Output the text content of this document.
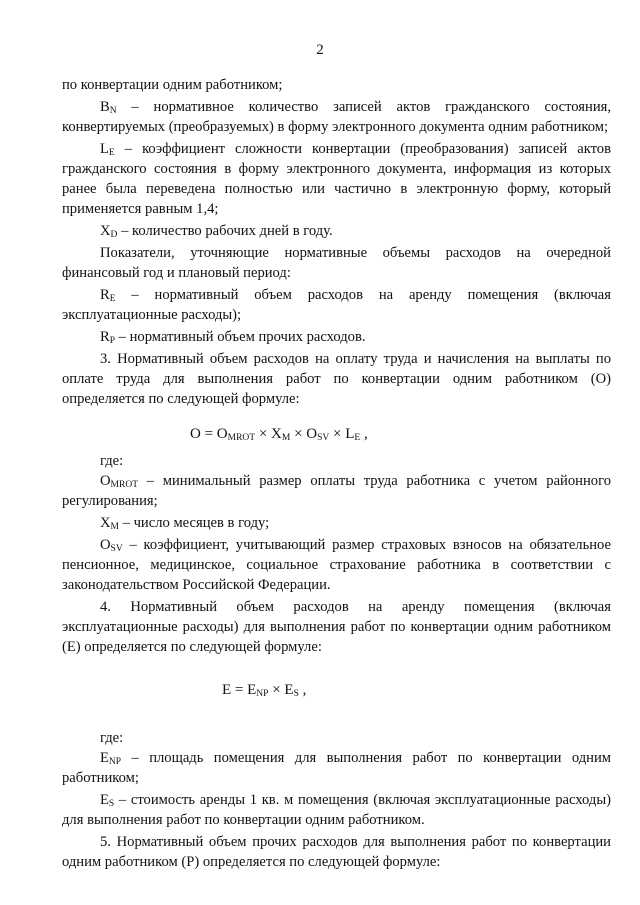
2

по конвертации одним работником;

$B_N$ – нормативное количество записей актов гражданского состояния, конвертируемых (преобразуемых) в форму электронного документа одним работником;

$L_E$ – коэффициент сложности конвертации (преобразования) записей актов гражданского состояния в форму электронного документа, информация из которых ранее была переведена полностью или частично в электронную форму, который применяется равным 1,4;

$X_D$ – количество рабочих дней в году.

Показатели, уточняющие нормативные объемы расходов на очередной финансовый год и плановый период:

$R_E$ – нормативный объем расходов на аренду помещения (включая эксплуатационные расходы);

$R_P$ – нормативный объем прочих расходов.

3. Нормативный объем расходов на оплату труда и начисления на выплаты по оплате труда для выполнения работ по конвертации одним работником (O) определяется по следующей формуле:

$O = O_{MROT} \times X_M \times O_{SV} \times L_E$ ,

где:

$O_{MROT}$ – минимальный размер оплаты труда работника с учетом районного регулирования;

$X_M$ – число месяцев в году;

$O_{SV}$ – коэффициент, учитывающий размер страховых взносов на обязательное пенсионное, медицинское, социальное страхование работника в соответствии с законодательством Российской Федерации.

4. Нормативный объем расходов на аренду помещения (включая эксплуатационные расходы) для выполнения работ по конвертации одним работником (E) определяется по следующей формуле:

$E = E_{NP} \times E_S$ ,

где:

$E_{NP}$ – площадь помещения для выполнения работ по конвертации одним работником;

$E_S$ – стоимость аренды 1 кв. м помещения (включая эксплуатационные расходы) для выполнения работ по конвертации одним работником.

5. Нормативный объем прочих расходов для выполнения работ по конвертации одним работником (P) определяется по следующей формуле:
